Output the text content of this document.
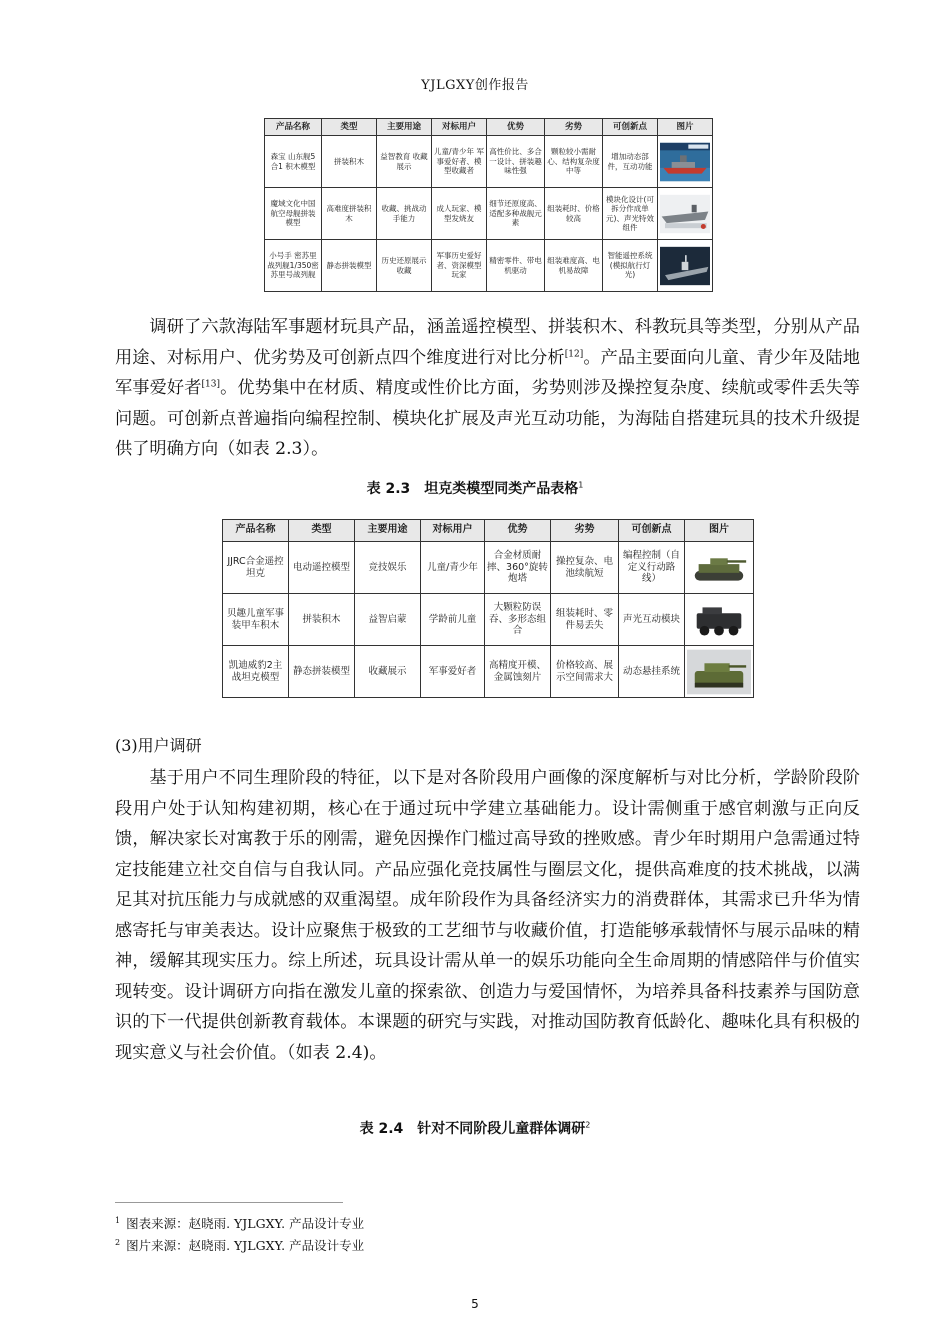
YJLGXY创作报告
产品名称	类型	主要用途	对标用户	优势	劣势	可创新点	图片
森宝 山东舰5合1 积木模型	拼装积木	益智教育 收藏展示	儿童/青少年 军事爱好者、模型收藏者	高性价比、多合一设计、拼装趣味性强	颗粒较小需耐心、结构复杂度中等	增加动态部件，互动功能	

魔域文化中国航空母舰拼装模型	高难度拼装积木	收藏、挑战动手能力	成人玩家、模型发烧友	细节还原度高、适配多种战舰元素	组装耗时、价格较高	模块化设计(可拆分作成单元)、声光特效组件	

小号手 密苏里战列舰1/350密苏里号战列舰	静态拼装模型	历史还原展示收藏	军事历史爱好者、资深模型玩家	精密零件、带电机驱动	组装难度高、电机易故障	智能遥控系统(模拟航行灯光)	

调研了六款海陆军事题材玩具产品，涵盖遥控模型、拼装积木、科教玩具等类型，分别从产品用途、对标用户、优劣势及可创新点四个维度进行对比分析[12]。产品主要面向儿童、青少年及陆地军事爱好者[13]。优势集中在材质、精度或性价比方面，劣势则涉及操控复杂度、续航或零件丢失等问题。可创新点普遍指向编程控制、模块化扩展及声光互动功能，为海陆自搭建玩具的技术升级提供了明确方向（如表 2.3）。

表 2.3　坦克类模型同类产品表格$^1$
产品名称	类型	主要用途	对标用户	优势	劣势	可创新点	图片
JJRC合金遥控坦克	电动遥控模型	竞技娱乐	儿童/青少年	合金材质耐摔、360°旋转炮塔	操控复杂、电池续航短	编程控制（自定义行动路线）	

贝趣儿童军事装甲车积木	拼装积木	益智启蒙	学龄前儿童	大颗粒防误吞、多形态组合	组装耗时、零件易丢失	声光互动模块	

凯迪威豹2主战坦克模型	静态拼装模型	收藏展示	军事爱好者	高精度开模、金属蚀刻片	价格较高、展示空间需求大	动态悬挂系统	
(3)用户调研

基于用户不同生理阶段的特征，以下是对各阶段用户画像的深度解析与对比分析，学龄阶段阶段用户处于认知构建初期，核心在于通过玩中学建立基础能力。设计需侧重于感官刺激与正向反馈，解决家长对寓教于乐的刚需，避免因操作门槛过高导致的挫败感。青少年时期用户急需通过特定技能建立社交自信与自我认同。产品应强化竞技属性与圈层文化，提供高难度的技术挑战，以满足其对抗压能力与成就感的双重渴望。成年阶段作为具备经济实力的消费群体，其需求已升华为情感寄托与审美表达。设计应聚焦于极致的工艺细节与收藏价值，打造能够承载情怀与展示品味的精神，缓解其现实压力。综上所述，玩具设计需从单一的娱乐功能向全生命周期的情感陪伴与价值实现转变。设计调研方向指在激发儿童的探索欲、创造力与爱国情怀，为培养具备科技素养与国防意识的下一代提供创新教育载体。本课题的研究与实践，对推动国防教育低龄化、趣味化具有积极的现实意义与社会价值。（如表 2.4)。

表 2.4　针对不同阶段儿童群体调研$^2$
$^1$ 图表来源：赵晓雨. YJLGXY. 产品设计专业
$^2$ 图片来源：赵晓雨. YJLGXY. 产品设计专业
5
